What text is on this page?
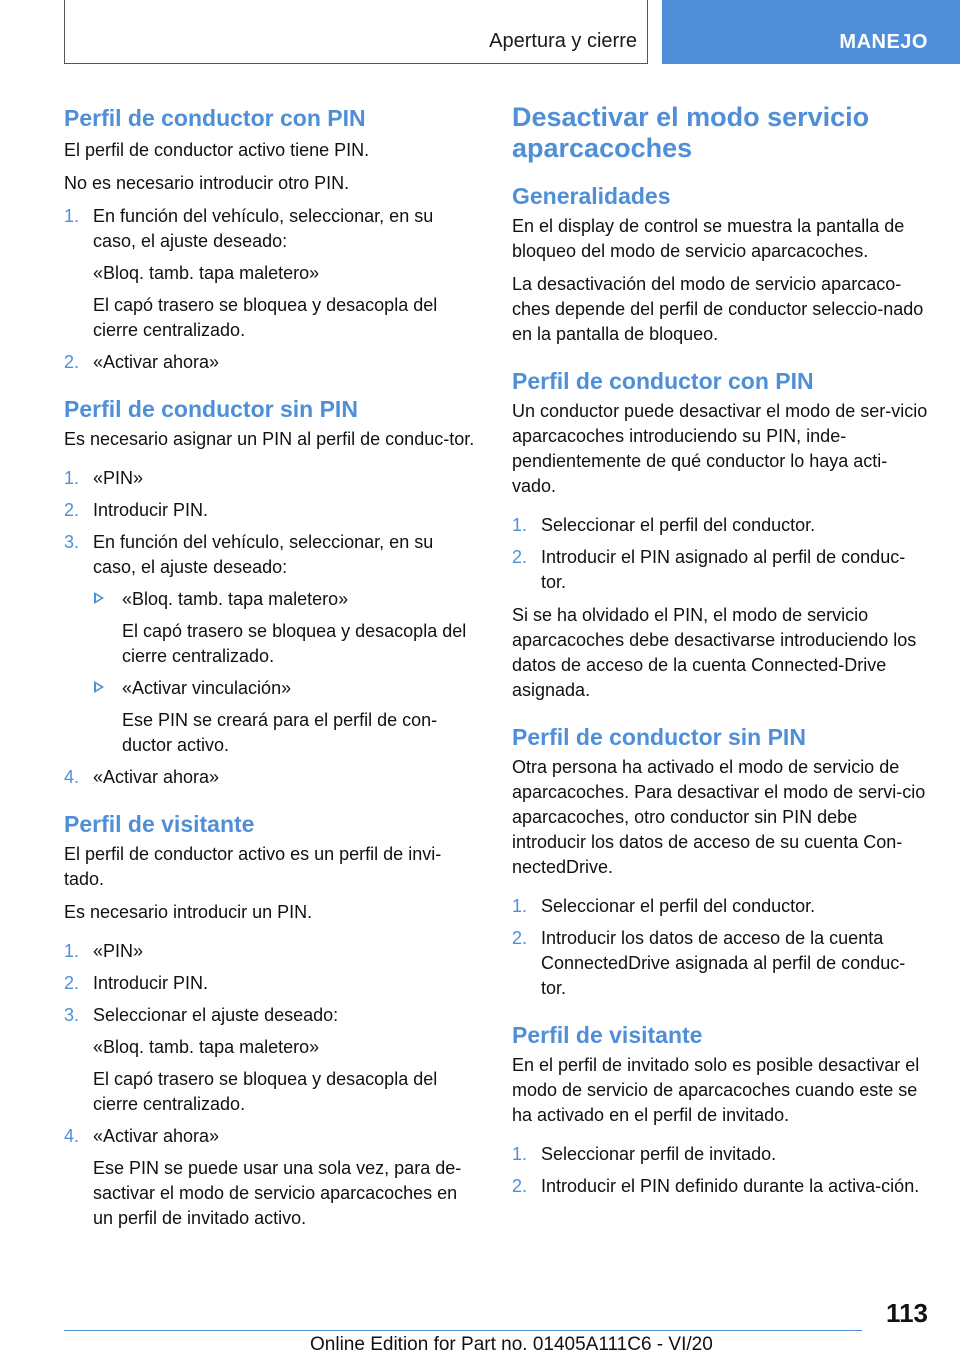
Apertura y cierre	MANEJO
Perfil de conductor con PIN

El perfil de conductor activo tiene PIN.

No es necesario introducir otro PIN.

1. En función del vehículo, seleccionar, en su caso, el ajuste deseado:

«Bloq. tamb. tapa maletero»

El capó trasero se bloquea y desacopla del cierre centralizado.

2. «Activar ahora»

Perfil de conductor sin PIN

Es necesario asignar un PIN al perfil de conduc-tor.

1. «PIN»

2. Introducir PIN.

3. En función del vehículo, seleccionar, en su caso, el ajuste deseado:

«Bloq. tamb. tapa maletero»

El capó trasero se bloquea y desacopla del cierre centralizado.

«Activar vinculación»

Ese PIN se creará para el perfil de con-ductor activo.

4. «Activar ahora»

Perfil de visitante

El perfil de conductor activo es un perfil de invi-tado.

Es necesario introducir un PIN.

1. «PIN»

2. Introducir PIN.

3. Seleccionar el ajuste deseado:

«Bloq. tamb. tapa maletero»

El capó trasero se bloquea y desacopla del cierre centralizado.

4. «Activar ahora»

Ese PIN se puede usar una sola vez, para de-sactivar el modo de servicio aparcacoches en un perfil de invitado activo.

Desactivar el modo servicio aparcacoches
Generalidades

En el display de control se muestra la pantalla de bloqueo del modo de servicio aparcacoches.

La desactivación del modo de servicio aparcaco-ches depende del perfil de conductor seleccio-nado en la pantalla de bloqueo.

Perfil de conductor con PIN

Un conductor puede desactivar el modo de ser-vicio aparcacoches introduciendo su PIN, inde-pendientemente de qué conductor lo haya acti-vado.

1. Seleccionar el perfil del conductor.

2. Introducir el PIN asignado al perfil de conduc-tor.

Si se ha olvidado el PIN, el modo de servicio aparcacoches debe desactivarse introduciendo los datos de acceso de la cuenta Connected-Drive asignada.

Perfil de conductor sin PIN

Otra persona ha activado el modo de servicio de aparcacoches. Para desactivar el modo de servi-cio aparcacoches, otro conductor sin PIN debe introducir los datos de acceso de su cuenta Con-nectedDrive.

1. Seleccionar el perfil del conductor.

2. Introducir los datos de acceso de la cuenta ConnectedDrive asignada al perfil de conduc-tor.

Perfil de visitante

En el perfil de invitado solo es posible desactivar el modo de servicio de aparcacoches cuando este se ha activado en el perfil de invitado.

1. Seleccionar perfil de invitado.

2. Introducir el PIN definido durante la activa-ción.

113
Online Edition for Part no. 01405A111C6 - VI/20
